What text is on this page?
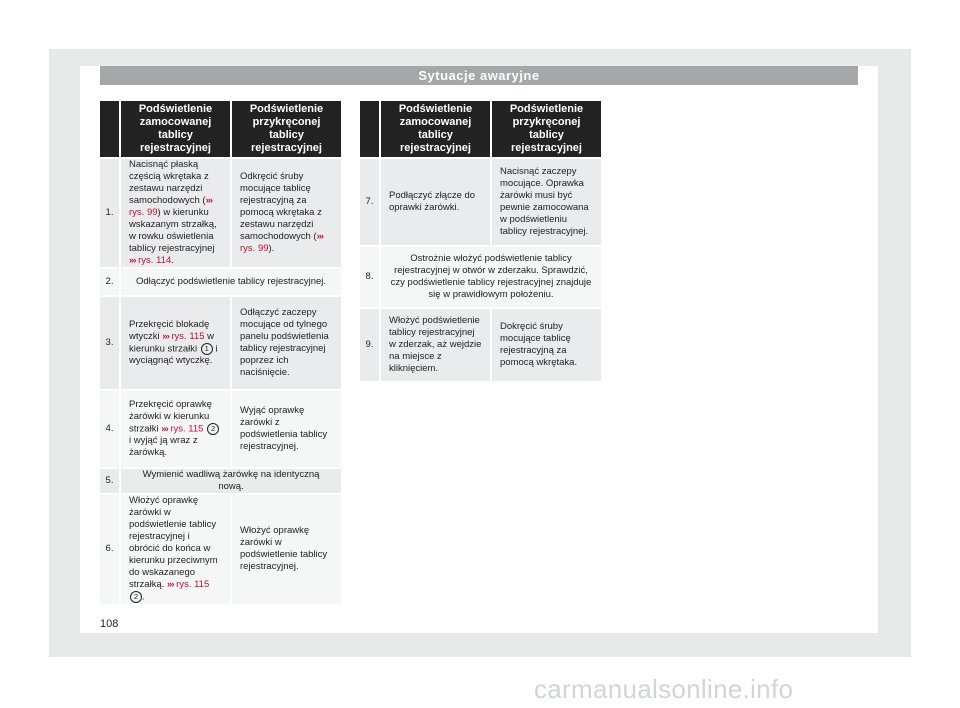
Sytuacje awaryjne
	Podświetlenie zamocowanej tablicy rejestracyjnej	Podświetlenie przykręconej tablicy rejestracyjnej
1.	Nacisnąć płaską częścią wkrętaka z zestawu narzędzi samochodowych (››› rys. 99) w kierunku wskazanym strzałką, w rowku oświetlenia tablicy rejestracyjnej ››› rys. 114.	Odkręcić śruby mocujące tablicę rejestracyjną za pomocą wkrętaka z zestawu narzędzi samochodowych (››› rys. 99).
2.	Odłączyć podświetlenie tablicy rejestracyjnej.	
3.	Przekręcić blokadę wtyczki ››› rys. 115 w kierunku strzałki 1 i wyciągnąć wtyczkę.	Odłączyć zaczepy mocujące od tylnego panelu podświetlenia tablicy rejestracyjnej poprzez ich naciśnięcie.
4.	Przekręcić oprawkę żarówki w kierunku strzałki ››› rys. 115 2 i wyjąć ją wraz z żarówką.	Wyjąć oprawkę żarówki z podświetlenia tablicy rejestracyjnej.
5.	Wymienić wadliwą żarówkę na identyczną nową.	
6.	Włożyć oprawkę żarówki w podświetlenie tablicy rejestracyjnej i obrócić do końca w kierunku przeciwnym do wskazanego strzałką. ››› rys. 115 2 .	Włożyć oprawkę żarówki w podświetlenie tablicy rejestracyjnej.
	Podświetlenie zamocowanej tablicy rejestracyjnej	Podświetlenie przykręconej tablicy rejestracyjnej
7.	Podłączyć złącze do oprawki żarówki.	Nacisnąć zaczepy mocujące. Oprawka żarówki musi być pewnie zamocowana w podświetleniu tablicy rejestracyjnej.
8.	Ostrożnie włożyć podświetlenie tablicy rejestracyjnej w otwór w zderzaku. Sprawdzić, czy podświetlenie tablicy rejestracyjnej znajduje się w prawidłowym położeniu.	
9.	Włożyć podświetlenie tablicy rejestracyjnej w zderzak, aż wejdzie na miejsce z kliknięciem.	Dokręcić śruby mocujące tablicę rejestracyjną za pomocą wkrętaka.
108
carmanualsonline.info
